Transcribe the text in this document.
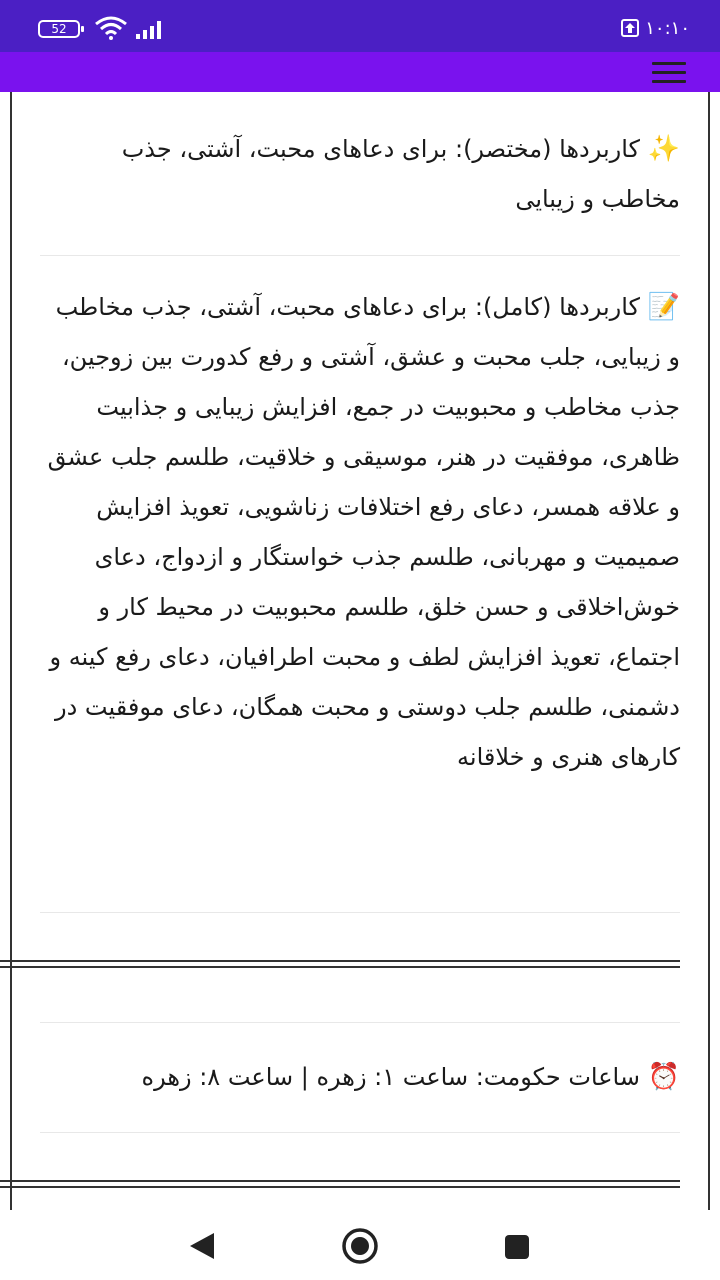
52	۱۰:۱۰
✨ کاربردها (مختصر): برای دعاهای محبت، آشتی، جذب مخاطب و زیبایی
📝 کاربردها (کامل): برای دعاهای محبت، آشتی، جذب مخاطب و زیبایی، جلب محبت و عشق، آشتی و رفع کدورت بین زوجین، جذب مخاطب و محبوبیت در جمع، افزایش زیبایی و جذابیت ظاهری، موفقیت در هنر، موسیقی و خلاقیت، طلسم جلب عشق و علاقه همسر، دعای رفع اختلافات زناشویی، تعویذ افزایش صمیمیت و مهربانی، طلسم جذب خواستگار و ازدواج، دعای خوش‌اخلاقی و حسن خلق، طلسم محبوبیت در محیط کار و اجتماع، تعویذ افزایش لطف و محبت اطرافیان، دعای رفع کینه و دشمنی، طلسم جلب دوستی و محبت همگان، دعای موفقیت در کارهای هنری و خلاقانه
⏰ ساعات حکومت: ساعت ۱: زهره | ساعت ۸: زهره
